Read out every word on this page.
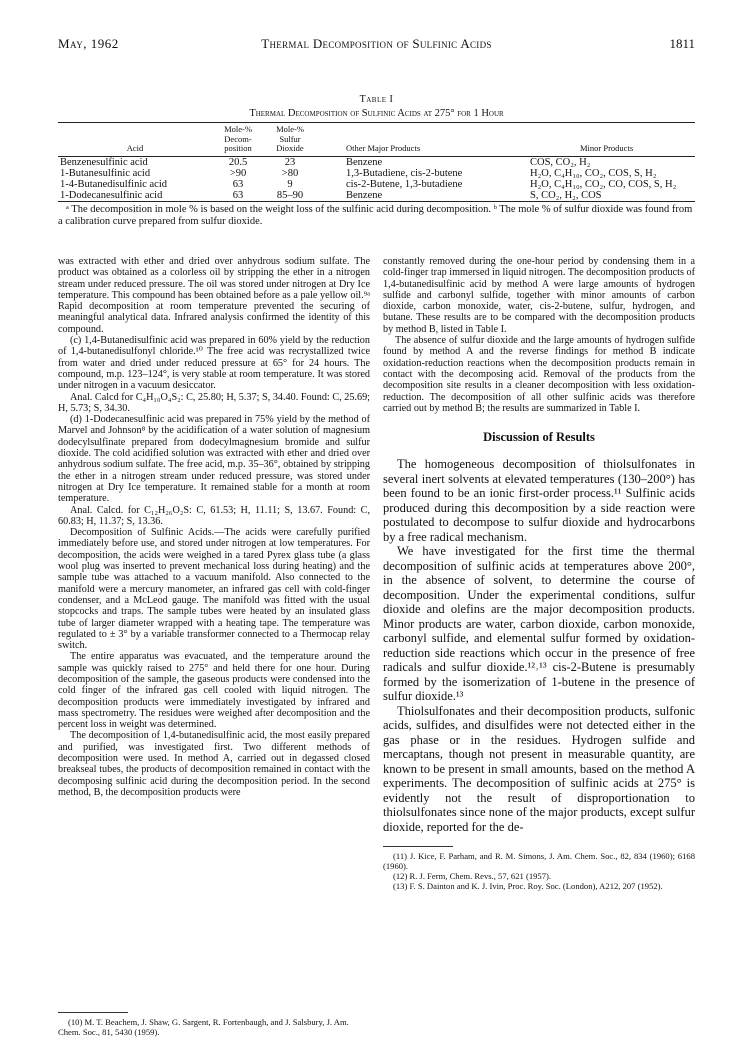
May, 1962	Thermal Decomposition of Sulfinic Acids	1811
Table I
Thermal Decomposition of Sulfinic Acids at 275° for 1 Hour
Acid	Mole-% Decom-position	Mole-% Sulfur Dioxide	Other Major Products	Minor Products
Benzenesulfinic acid	20.5	23	Benzene	COS, CO₂, H₂
1-Butanesulfinic acid	>90	>80	1,3-Butadiene, cis-2-butene	H₂O, C₄H₁₀, CO₂, COS, S, H₂
1-4-Butanedisulfinic acid	63	9	cis-2-Butene, 1,3-butadiene	H₂O, C₄H₁₀, CO₂, CO, COS, S, H₂
1-Dodecanesulfinic acid	63	85–90	Benzene	S, CO₂, H₂, COS
ᵃ The decomposition in mole % is based on the weight loss of the sulfinic acid during decomposition. ᵇ The mole % of sulfur dioxide was found from a calibration curve prepared from sulfur dioxide.

was extracted with ether and dried over anhydrous sodium sulfate. The product was obtained as a colorless oil by stripping the ether in a nitrogen stream under reduced pressure. The oil was stored under nitrogen at Dry Ice temperature. This compound has been obtained before as a pale yellow oil.⁹ᵃ Rapid decomposition at room temperature prevented the securing of meaningful analytical data. Infrared analysis confirmed the identity of this compound.

(c) 1,4-Butanedisulfinic acid was prepared in 60% yield by the reduction of 1,4-butanedisulfonyl chloride.¹⁰ The free acid was recrystallized twice from water and dried under reduced pressure at 65° for 24 hours. The compound, m.p. 123–124°, is very stable at room temperature. It was stored under nitrogen in a vacuum desiccator.

Anal. Calcd for C₄H₁₀O₄S₂: C, 25.80; H, 5.37; S, 34.40. Found: C, 25.69; H, 5.73; S, 34.30.

(d) 1-Dodecanesulfinic acid was prepared in 75% yield by the method of Marvel and Johnson⁸ by the acidification of a water solution of magnesium dodecylsulfinate prepared from dodecylmagnesium bromide and sulfur dioxide. The cold acidified solution was extracted with ether and dried over anhydrous sodium sulfate. The free acid, m.p. 35–36°, obtained by stripping the ether in a nitrogen stream under reduced pressure, was stored under nitrogen at Dry Ice temperature. It remained stable for a month at room temperature.

Anal. Calcd. for C₁₂H₂₆O₂S: C, 61.53; H, 11.11; S, 13.67. Found: C, 60.83; H, 11.37; S, 13.36.

Decomposition of Sulfinic Acids.—The acids were carefully purified immediately before use, and stored under nitrogen at low temperatures. For decomposition, the acids were weighed in a tared Pyrex glass tube (a glass wool plug was inserted to prevent mechanical loss during heating) and the sample tube was attached to a vacuum manifold. Also connected to the manifold were a mercury manometer, an infrared gas cell with cold-finger condenser, and a McLeod gauge. The manifold was fitted with the usual stopcocks and traps. The sample tubes were heated by an insulated glass tube of larger diameter wrapped with a heating tape. The temperature was regulated to ± 3° by a variable transformer connected to a Thermocap relay switch.

The entire apparatus was evacuated, and the temperature around the sample was quickly raised to 275° and held there for one hour. During decomposition of the sample, the gaseous products were condensed into the cold finger of the infrared gas cell cooled with liquid nitrogen. The decomposition products were immediately investigated by infrared and mass spectrometry. The residues were weighed after decomposition and the percent loss in weight was determined.

The decomposition of 1,4-butanedisulfinic acid, the most easily prepared and purified, was investigated first. Two different methods of decomposition were used. In method A, carried out in degassed closed breakseal tubes, the products of decomposition remained in contact with the decomposing sulfinic acid during the decomposition period. In the second method, B, the decomposition products were

(10) M. T. Beachem, J. Shaw, G. Sargent, R. Fortenbaugh, and J. Salsbury, J. Am. Chem. Soc., 81, 5430 (1959).

constantly removed during the one-hour period by condensing them in a cold-finger trap immersed in liquid nitrogen. The decomposition products of 1,4-butanedisulfinic acid by method A were large amounts of hydrogen sulfide and carbonyl sulfide, together with minor amounts of carbon dioxide, carbon monoxide, water, cis-2-butene, sulfur, hydrogen, and butane. These results are to be compared with the decomposition products by method B, listed in Table I.

The absence of sulfur dioxide and the large amounts of hydrogen sulfide found by method A and the reverse findings for method B indicate oxidation-reduction reactions when the decomposition products remain in contact with the decomposing acid. Removal of the products from the decomposition site results in a cleaner decomposition with less oxidation-reduction. The decomposition of all other sulfinic acids was therefore carried out by method B; the results are summarized in Table I.

Discussion of Results

The homogeneous decomposition of thiolsulfonates in several inert solvents at elevated temperatures (130–200°) has been found to be an ionic first-order process.¹¹ Sulfinic acids produced during this decomposition by a side reaction were postulated to decompose to sulfur dioxide and hydrocarbons by a free radical mechanism.

We have investigated for the first time the thermal decomposition of sulfinic acids at temperatures above 200°, in the absence of solvent, to determine the course of decomposition. Under the experimental conditions, sulfur dioxide and olefins are the major decomposition products. Minor products are water, carbon dioxide, carbon monoxide, carbonyl sulfide, and elemental sulfur formed by oxidation-reduction side reactions which occur in the presence of free radicals and sulfur dioxide.¹²˒¹³ cis-2-Butene is presumably formed by the isomerization of 1-butene in the presence of sulfur dioxide.¹³

Thiolsulfonates and their decomposition products, sulfonic acids, sulfides, and disulfides were not detected either in the gas phase or in the residues. Hydrogen sulfide and mercaptans, though not present in measurable quantity, are known to be present in small amounts, based on the method A experiments. The decomposition of sulfinic acids at 275° is evidently not the result of disproportionation to thiolsulfonates since none of the major products, except sulfur dioxide, reported for the de-

(11) J. Kice, F. Parham, and R. M. Simons, J. Am. Chem. Soc., 82, 834 (1960); 6168 (1960).

(12) R. J. Ferm, Chem. Revs., 57, 621 (1957).

(13) F. S. Dainton and K. J. Ivin, Proc. Roy. Soc. (London), A212, 207 (1952).
